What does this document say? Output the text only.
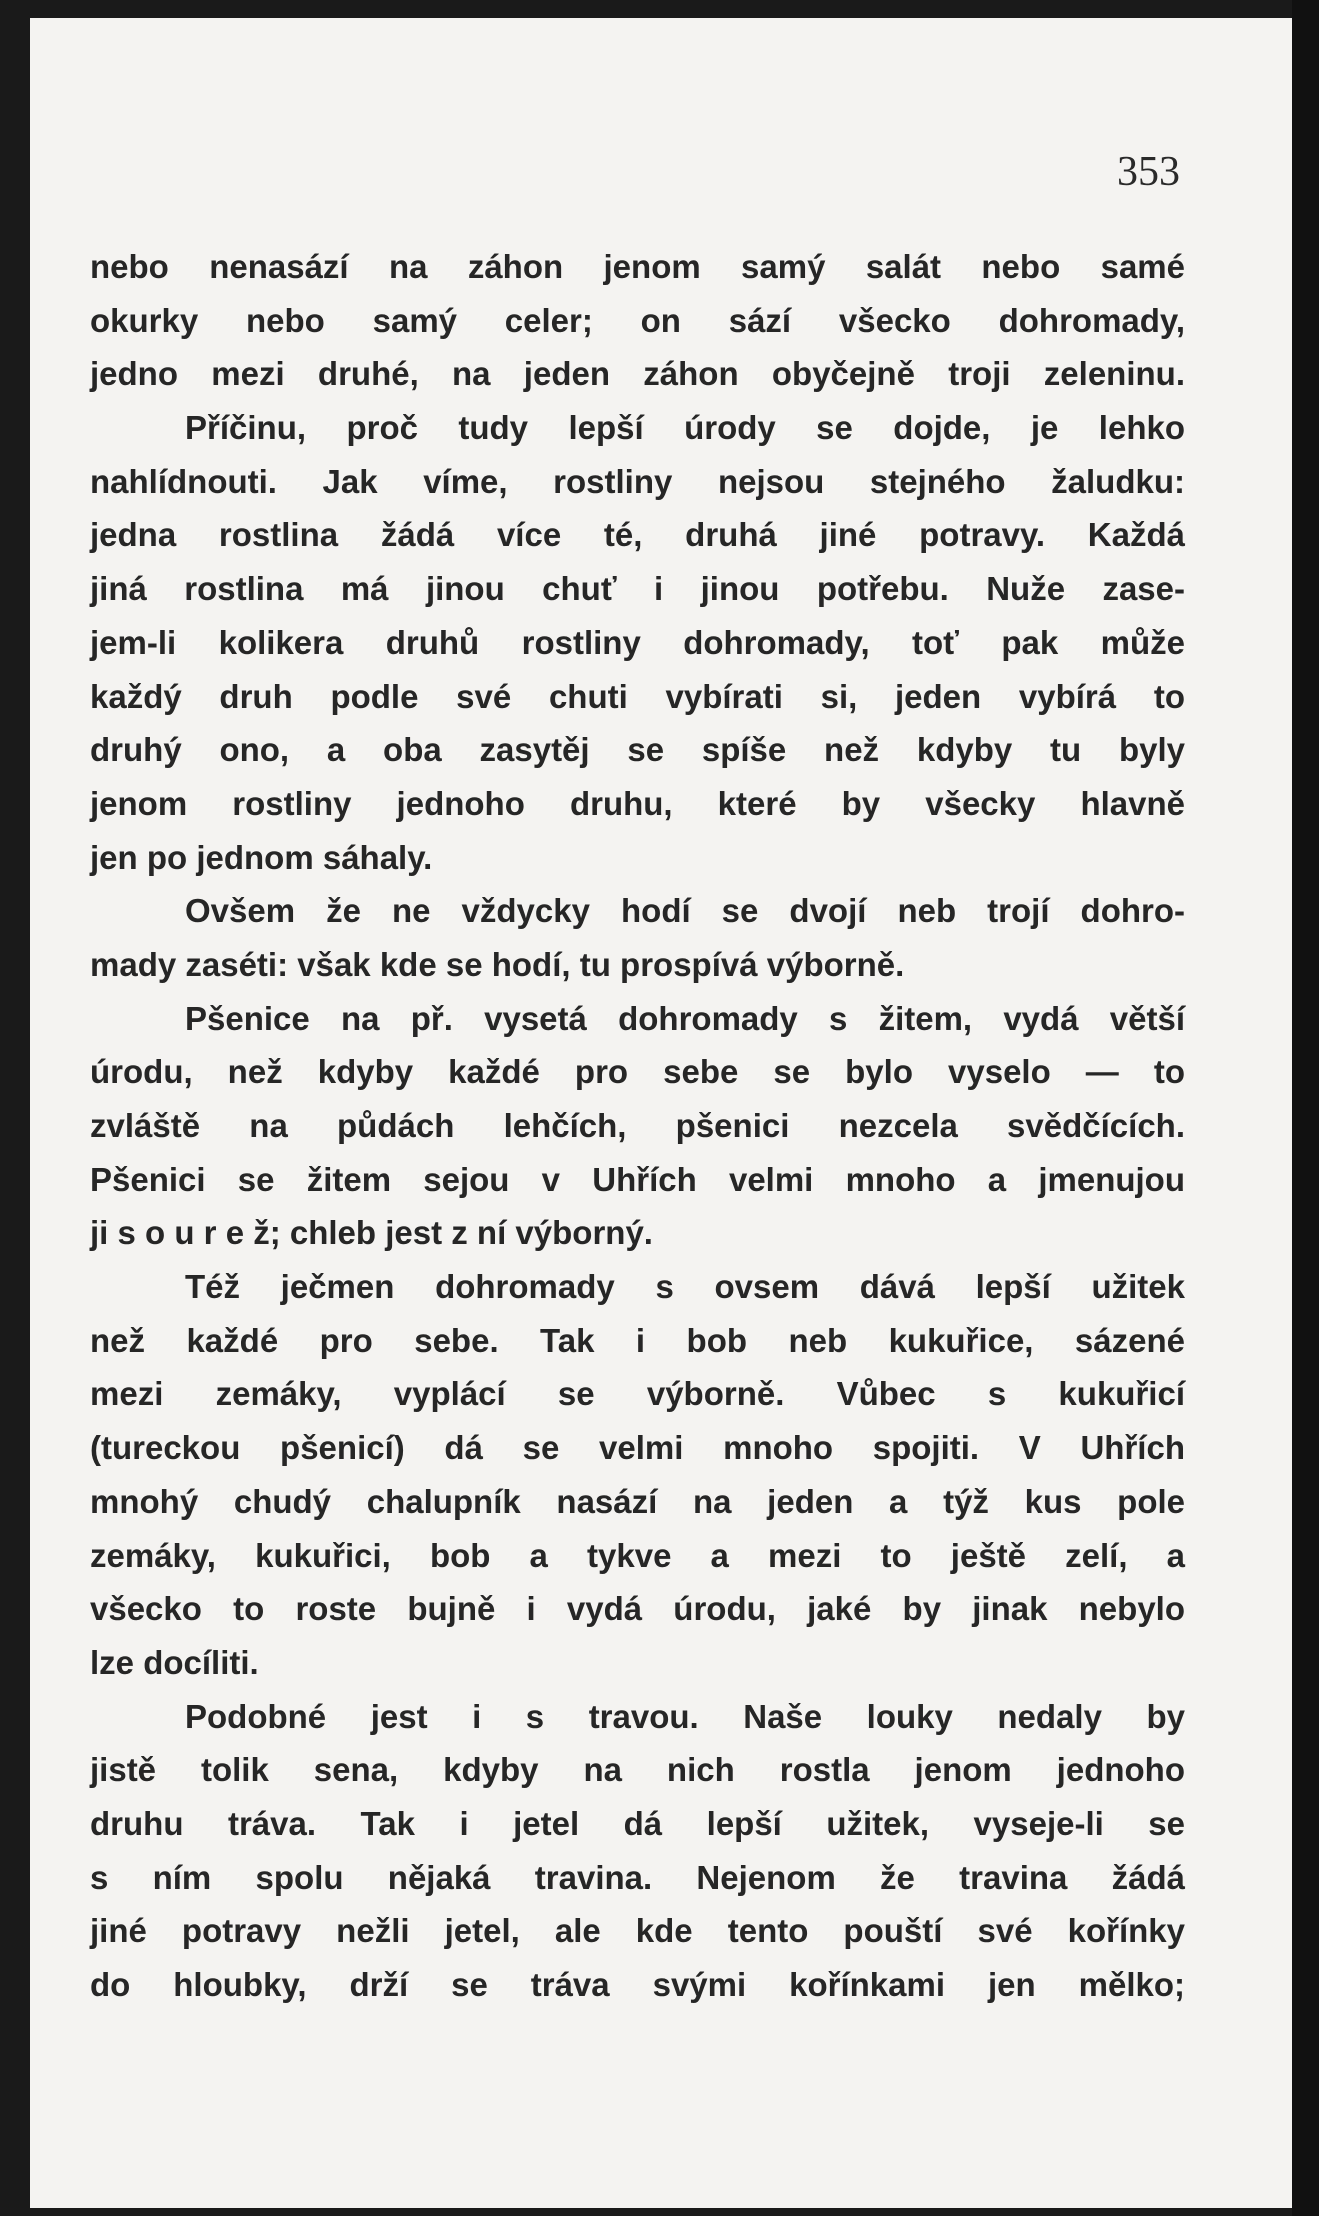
353
nebo nenasází na záhon jenom samý salát nebo samé
okurky nebo samý celer; on sází všecko dohromady,
jedno mezi druhé, na jeden záhon obyčejně troji zeleninu.
Příčinu, proč tudy lepší úrody se dojde, je lehko
nahlídnouti. Jak víme, rostliny nejsou stejného žaludku:
jedna rostlina žádá více té, druhá jiné potravy. Každá
jiná rostlina má jinou chuť i jinou potřebu. Nuže zase-
jem-li kolikera druhů rostliny dohromady, toť pak může
každý druh podle své chuti vybírati si, jeden vybírá to
druhý ono, a oba zasytěj se spíše než kdyby tu byly
jenom rostliny jednoho druhu, které by všecky hlavně
jen po jednom sáhaly.
Ovšem že ne vždycky hodí se dvojí neb trojí dohro-
mady zaséti: však kde se hodí, tu prospívá výborně.
Pšenice na př. vysetá dohromady s žitem, vydá větší
úrodu, než kdyby každé pro sebe se bylo vyselo — to
zvláště na půdách lehčích, pšenici nezcela svědčících.
Pšenici se žitem sejou v Uhřích velmi mnoho a jmenujou
ji s o u r e ž; chleb jest z ní výborný.
Též ječmen dohromady s ovsem dává lepší užitek
než každé pro sebe. Tak i bob neb kukuřice, sázené
mezi zemáky, vyplácí se výborně. Vůbec s kukuřicí
(tureckou pšenicí) dá se velmi mnoho spojiti. V Uhřích
mnohý chudý chalupník nasází na jeden a týž kus pole
zemáky, kukuřici, bob a tykve a mezi to ještě zelí, a
všecko to roste bujně i vydá úrodu, jaké by jinak nebylo
lze docíliti.
Podobné jest i s travou. Naše louky nedaly by
jistě tolik sena, kdyby na nich rostla jenom jednoho
druhu tráva. Tak i jetel dá lepší užitek, vyseje-li se
s ním spolu nějaká travina. Nejenom že travina žádá
jiné potravy nežli jetel, ale kde tento pouští své kořínky
do hloubky, drží se tráva svými kořínkami jen mělko;
